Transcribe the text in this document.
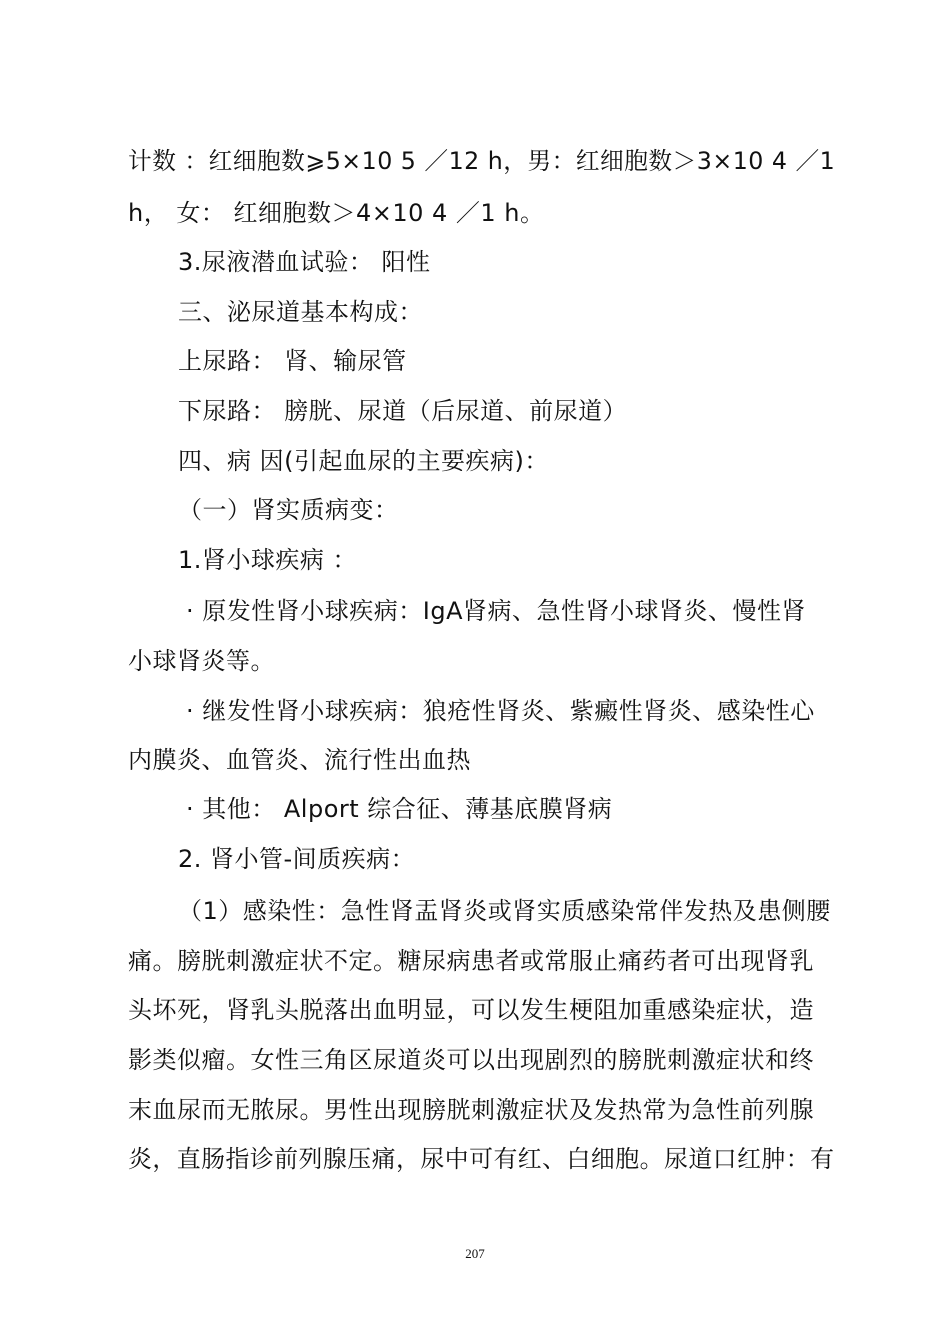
计数 ：红细胞数⩾5×10 5 ／12 h，男：红细胞数＞3×10 4 ／1
h， 女： 红细胞数＞4×10 4 ／1 h。
3.尿液潜血试验： 阳性
三、泌尿道基本构成：
上尿路： 肾、输尿管
下尿路： 膀胱、尿道（后尿道、前尿道）
四、病 因(引起血尿的主要疾病)：
（一）肾实质病变：
1.肾小球疾病 ：
· 原发性肾小球疾病：IgA肾病、急性肾小球肾炎、慢性肾
小球肾炎等。
· 继发性肾小球疾病：狼疮性肾炎、紫癜性肾炎、感染性心
内膜炎、血管炎、流行性出血热
· 其他： Alport 综合征、薄基底膜肾病
2. 肾小管-间质疾病：
（1）感染性：急性肾盂肾炎或肾实质感染常伴发热及患侧腰
痛。膀胱刺激症状不定。糖尿病患者或常服止痛药者可出现肾乳
头坏死，肾乳头脱落出血明显，可以发生梗阻加重感染症状，造
影类似瘤。女性三角区尿道炎可以出现剧烈的膀胱刺激症状和终
末血尿而无脓尿。男性出现膀胱刺激症状及发热常为急性前列腺
炎，直肠指诊前列腺压痛，尿中可有红、白细胞。尿道口红肿：有
207
